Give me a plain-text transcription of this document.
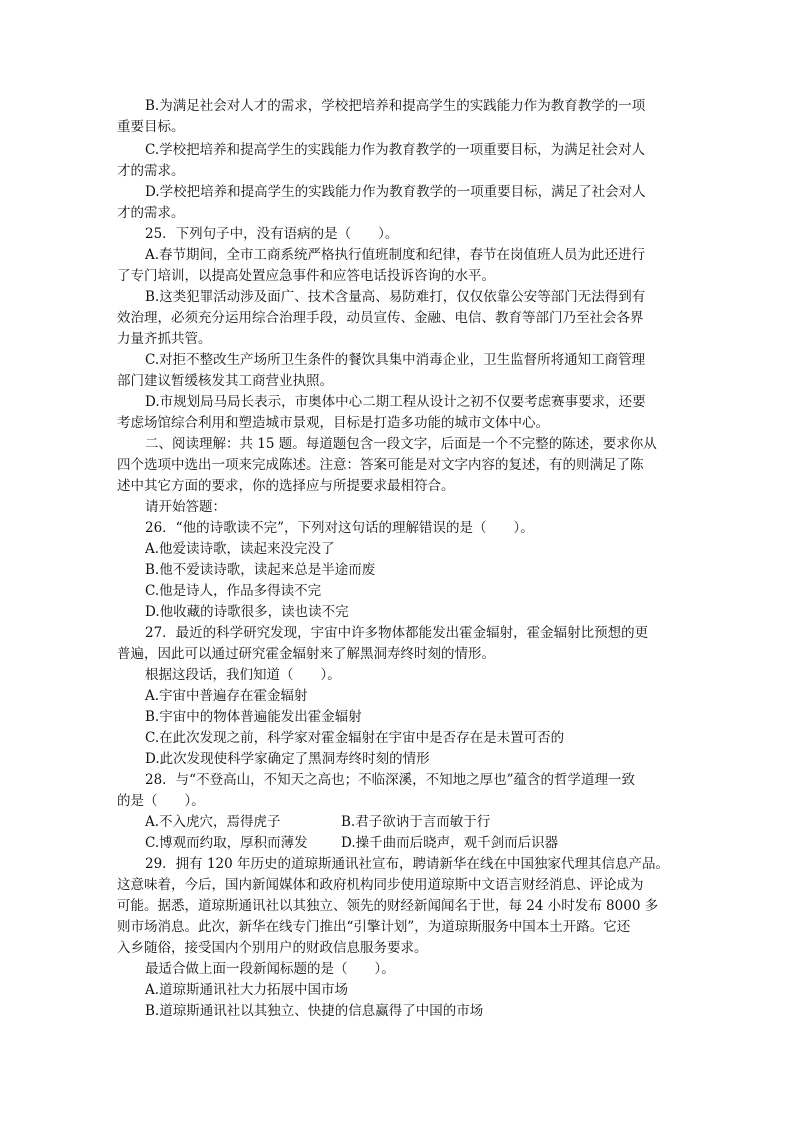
B.为满足社会对人才的需求，学校把培养和提高学生的实践能力作为教育教学的一项
重要目标。
C.学校把培养和提高学生的实践能力作为教育教学的一项重要目标，为满足社会对人
才的需求。
D.学校把培养和提高学生的实践能力作为教育教学的一项重要目标，满足了社会对人
才的需求。
25．下列句子中，没有语病的是（　　）。
A.春节期间，全市工商系统严格执行值班制度和纪律，春节在岗值班人员为此还进行
了专门培训，以提高处置应急事件和应答电话投诉咨询的水平。
B.这类犯罪活动涉及面广、技术含量高、易防难打，仅仅依靠公安等部门无法得到有
效治理，必须充分运用综合治理手段，动员宣传、金融、电信、教育等部门乃至社会各界
力量齐抓共管。
C.对拒不整改生产场所卫生条件的餐饮具集中消毒企业，卫生监督所将通知工商管理
部门建议暂缓核发其工商营业执照。
D.市规划局马局长表示，市奥体中心二期工程从设计之初不仅要考虑赛事要求，还要
考虑场馆综合利用和塑造城市景观，目标是打造多功能的城市文体中心。
二、阅读理解：共 15 题。每道题包含一段文字，后面是一个不完整的陈述，要求你从
四个选项中选出一项来完成陈述。注意：答案可能是对文字内容的复述，有的则满足了陈
述中其它方面的要求，你的选择应与所提要求最相符合。
请开始答题：
26．“他的诗歌读不完”，下列对这句话的理解错误的是（　　）。
A.他爱读诗歌，读起来没完没了
B.他不爱读诗歌，读起来总是半途而废
C.他是诗人，作品多得读不完
D.他收藏的诗歌很多，读也读不完
27．最近的科学研究发现，宇宙中许多物体都能发出霍金辐射，霍金辐射比预想的更
普遍，因此可以通过研究霍金辐射来了解黑洞寿终时刻的情形。
根据这段话，我们知道（　　）。
A.宇宙中普遍存在霍金辐射
B.宇宙中的物体普遍能发出霍金辐射
C.在此次发现之前，科学家对霍金辐射在宇宙中是否存在是未置可否的
D.此次发现使科学家确定了黑洞寿终时刻的情形
28．与“不登高山，不知天之高也；不临深溪，不知地之厚也”蕴含的哲学道理一致
的是（　　）。
A.不入虎穴，焉得虎子	B.君子欲讷于言而敏于行
C.博观而约取，厚积而薄发 D.操千曲而后晓声，观千剑而后识器
29．拥有 120 年历史的道琼斯通讯社宣布，聘请新华在线在中国独家代理其信息产品。
这意味着，今后，国内新闻媒体和政府机构同步使用道琼斯中文语言财经消息、评论成为
可能。据悉，道琼斯通讯社以其独立、领先的财经新闻闻名于世，每 24 小时发布 8000 多
则市场消息。此次，新华在线专门推出“引擎计划”，为道琼斯服务中国本土开路。它还
入乡随俗，接受国内个别用户的财政信息服务要求。
最适合做上面一段新闻标题的是（　　）。
A.道琼斯通讯社大力拓展中国市场
B.道琼斯通讯社以其独立、快捷的信息赢得了中国的市场
